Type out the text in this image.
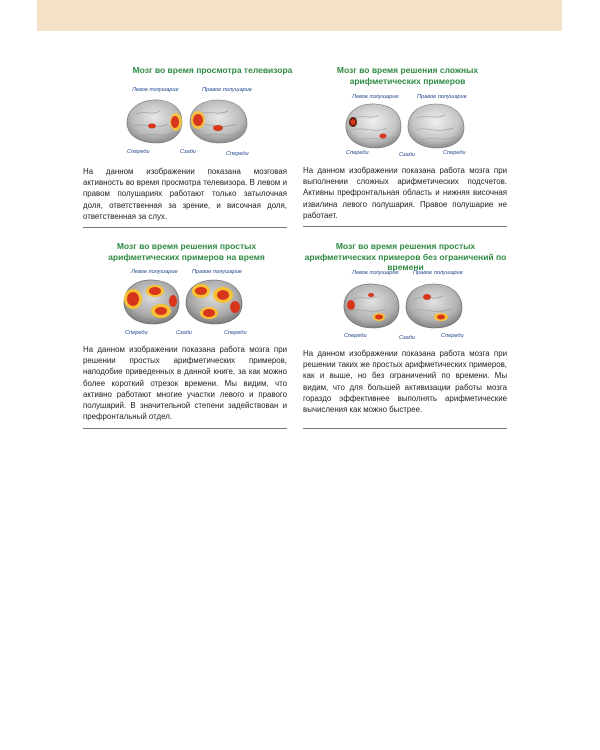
Мозг во время просмотра телевизора

Левое полушарие	Правое полушарие
Спереди	Сзади	Спереди

На данном изображении показана мозговая активность во время просмотра телевизора. В левом и правом полушариях работают только затылочная доля, ответственная за зрение, и височная доля, ответственная за слух.

Мозг во время решения сложных арифметических примеров

Левое полушарие	Правое полушарие
Спереди	Сзади	Спереди

На данном изображении показана работа мозга при выполнении сложных арифметических подсчетов. Активны префронтальная область и нижняя височная извилина левого полушария. Правое полушарие не работает.

Мозг во время решения простых арифметических примеров на время

Левое полушарие	Правое полушарие
Спереди	Сзади	Спереди

На данном изображении показана работа мозга при решении простых арифметических примеров, наподобие приведенных в данной книге, за как можно более короткий отрезок времени. Мы видим, что активно работают многие участки левого и правого полушарий. В значительной степени задействован и префронтальный отдел.

Мозг во время решения простых арифметических примеров без ограничений по времени

Левое полушарие	Правое полушарие
Спереди	Сзади	Спереди

На данном изображении показана работа мозга при решении таких же простых арифметических примеров, как и выше, но без ограничений по времени. Мы видим, что для большей активизации работы мозга гораздо эффективнее выполнять арифметические вычисления как можно быстрее.
